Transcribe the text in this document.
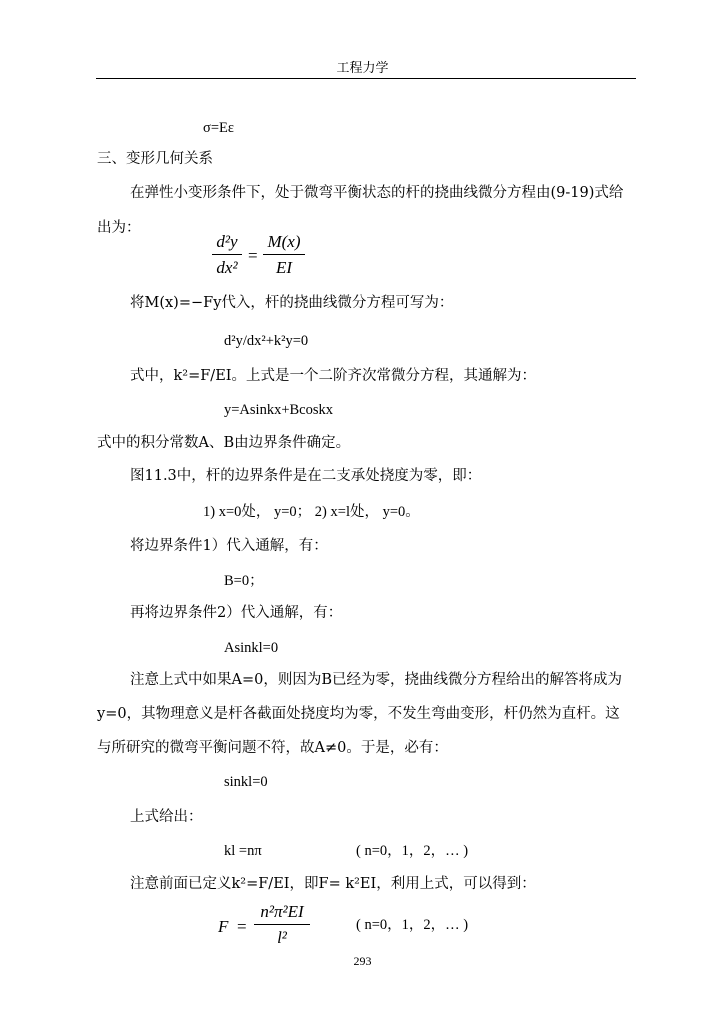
工程力学
σ=Eε
三、变形几何关系
在弹性小变形条件下，处于微弯平衡状态的杆的挠曲线微分方程由(9-19)式给
出为：
d²y
dx²
=
M(x)
EI
将M(x)=−Fy代入，杆的挠曲线微分方程可写为：
d²y/dx²+k²y=0
式中，k²=F/EI。上式是一个二阶齐次常微分方程，其通解为：
y=Asinkx+Bcoskx
式中的积分常数A、B由边界条件确定。
图11.3中，杆的边界条件是在二支承处挠度为零，即：
1) x=0处， y=0； 2) x=l处， y=0。
将边界条件1）代入通解，有：
B=0；
再将边界条件2）代入通解，有：
Asinkl=0
注意上式中如果A=0，则因为B已经为零，挠曲线微分方程给出的解答将成为
y=0，其物理意义是杆各截面处挠度均为零，不发生弯曲变形，杆仍然为直杆。这
与所研究的微弯平衡问题不符，故A≠0。于是，必有：
sinkl=0
上式给出：
kl =nπ	( n=0，1，2，… )
注意前面已定义k²=F/EI，即F= k²EI，利用上式，可以得到：
F =
n²π²EI
l²
( n=0，1，2，… )
293
